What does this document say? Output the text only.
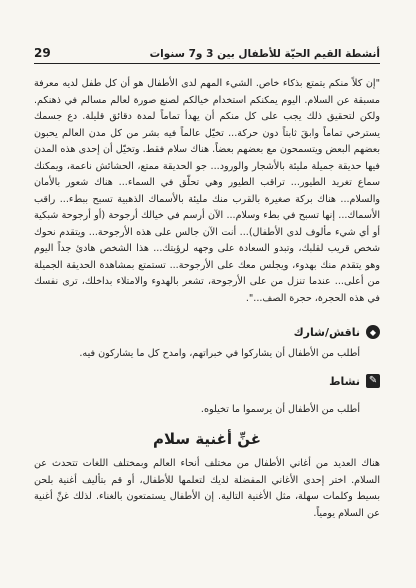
أنشطة القيم الحيّة للأطفال بين 3 و7 سنوات
29

"إن كلاً منكم يتمتع بذكاء خاص. الشيء المهم لدى الأطفال هو أن كل طفل لديه معرفة مسبقة عن السلام. اليوم يمكنكم استخدام خيالكم لصنع صورة لعالم مسالم في ذهنكم. ولكن لتحقيق ذلك يجب على كل منكم أن يهدأ تماماً لمدة دقائق قليلة. دع جسمك يسترخي تماماً وابقَ ثابتاً دون حركة... تخيّل عالماً فيه بشر من كل مدن العالم يحبون بعضهم البعض ويتسمحون مع بعضهم بعضاً. هناك سلام فقط. وتخيّل أن إحدى هذه المدن فيها حديقة جميلة مليئة بالأشجار والورود... جو الحديقة ممتع، الحشائش ناعمة، ويمكنك سماع تغريد الطيور... تراقب الطيور وهي تحلّق في السماء... هناك شعور بالأمان والسلام... هناك بركة صغيرة بالقرب منك مليئة بالأسماك الذهبية تسبح ببطء... راقب الأسماك... إنها تسبح في بطء وسلام... الآن أرسم في خيالك أرجوحة (أو أرجوحة شبكية أو أي شيء مألوف لدى الأطفال)... أنت الآن جالس على هذه الأرجوحة... ويتقدم نحوك شخص قريب لقلبك، وتبدو السعادة على وجهه لرؤيتك... هذا الشخص هادئ جداً اليوم وهو يتقدم منك بهدوء، ويجلس معك على الأرجوحة... تستمتع بمشاهدة الحديقة الجميلة من أعلى... عندما تنزل من على الأرجوحة، تشعر بالهدوء والامتلاء بداخلك، ترى نفسك في هذه الحجرة، حجرة الصف...".

◆
ناقش/شارك
أطلب من الأطفال أن يشاركوا في خبراتهم، وامدح كل ما يشاركون فيه.
✎
نشاط
أطلب من الأطفال أن يرسموا ما تخيلوه.
غنِّ أغنية سلام
هناك العديد من أغاني الأطفال من مختلف أنحاء العالم وبمختلف اللغات تتحدث عن السلام. اختر إحدى الأغاني المفضلة لديك لتعلمها للأطفال، أو قم بتأليف أغنية بلحن بسيط وكلمات سهلة، مثل الأغنية التالية. إن الأطفال يستمتعون بالغناء. لذلك غنِّ أغنية عن السلام يومياً.
